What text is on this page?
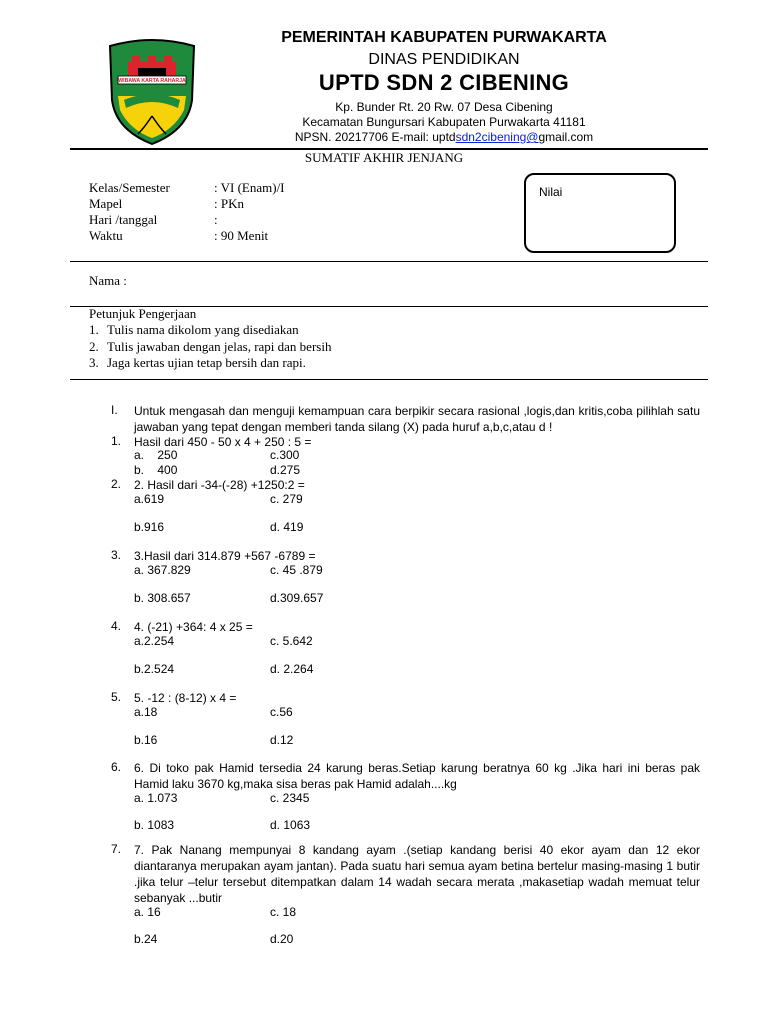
WIBAWA KARTA RAHARJA
PEMERINTAH KABUPATEN PURWAKARTA
DINAS PENDIDIKAN
UPTD SDN 2 CIBENING
Kp. Bunder Rt. 20 Rw. 07 Desa Cibening
Kecamatan Bungursari Kabupaten Purwakarta 41181
NPSN. 20217706 E-mail: uptdsdn2cibening@gmail.com
SUMATIF AKHIR JENJANG
Kelas/Semester	: VI (Enam)/I
Mapel	: PKn
Hari /tanggal	:
Waktu	: 90 Menit
Nilai
Nama :
Petunjuk Pengerjaan
1. Tulis nama dikolom yang disediakan
2. Tulis jawaban dengan jelas, rapi dan bersih
3. Jaga kertas ujian tetap bersih dan rapi.
I. Untuk mengasah dan menguji kemampuan cara berpikir secara rasional ,logis,dan kritis,coba pilihlah satu jawaban yang tepat dengan memberi tanda silang (X) pada huruf a,b,c,atau d !
1. Hasil dari 450 - 50 x 4 + 250 : 5 =
a.    250	c.300
b.    400	d.275
2. 2. Hasil dari -34-(-28) +1250:2 =
a.619	c. 279
b.916	d. 419
3. 3.Hasil dari 314.879 +567 -6789 =
a. 367.829	c. 45 .879
b. 308.657	d.309.657
4. 4. (-21) +364: 4 x 25 =
a.2.254	c. 5.642
b.2.524	d. 2.264
5. 5. -12 : (8-12) x 4 =
a.18	c.56
b.16	d.12
6. 6. Di toko pak Hamid tersedia 24 karung beras.Setiap karung beratnya 60 kg .Jika hari ini beras pak Hamid laku 3670 kg,maka sisa beras pak Hamid adalah....kg
a. 1.073	c. 2345
b. 1083	d. 1063
7. 7. Pak Nanang mempunyai 8 kandang ayam .(setiap kandang berisi 40 ekor ayam dan 12 ekor diantaranya merupakan ayam jantan). Pada suatu hari semua ayam betina bertelur masing-masing 1 butir .jika telur –telur tersebut ditempatkan dalam 14 wadah secara merata ,makasetiap wadah memuat telur sebanyak ...butir
a. 16	c. 18
b.24	d.20
